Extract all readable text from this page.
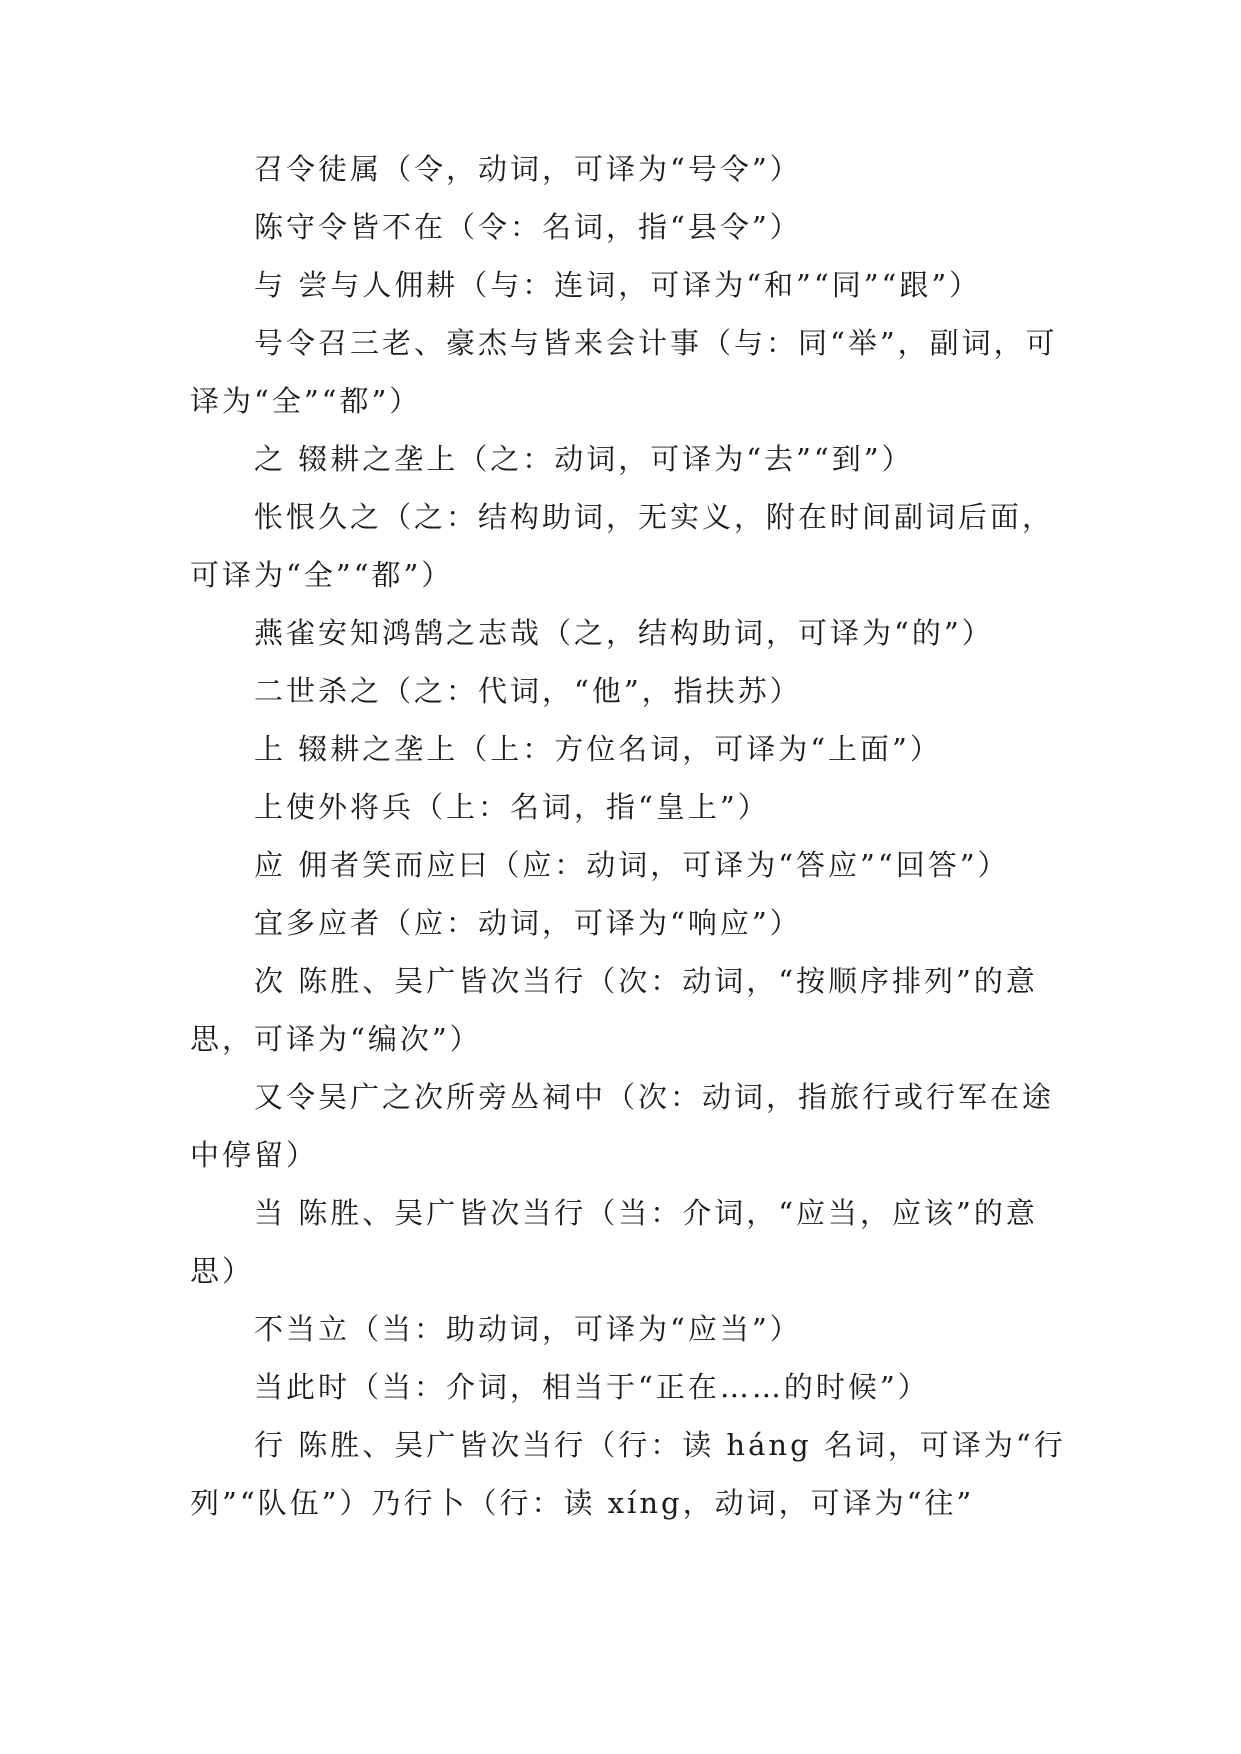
召令徒属（令，动词，可译为“号令”）

陈守令皆不在（令：名词，指“县令”）

与 尝与人佣耕（与：连词，可译为“和”“同”“跟”）

号令召三老、豪杰与皆来会计事（与：同“举”，副词，可译为“全”“都”）

之 辍耕之垄上（之：动词，可译为“去”“到”）

怅恨久之（之：结构助词，无实义，附在时间副词后面，可译为“全”“都”）

燕雀安知鸿鹄之志哉（之，结构助词，可译为“的”）

二世杀之（之：代词，“他”，指扶苏）

上 辍耕之垄上（上：方位名词，可译为“上面”）

上使外将兵（上：名词，指“皇上”）

应 佣者笑而应曰（应：动词，可译为“答应”“回答”）

宜多应者（应：动词，可译为“响应”）

次 陈胜、吴广皆次当行（次：动词，“按顺序排列”的意思，可译为“编次”）

又令吴广之次所旁丛祠中（次：动词，指旅行或行军在途中停留）

当 陈胜、吴广皆次当行（当：介词，“应当，应该”的意思）

不当立（当：助动词，可译为“应当”）

当此时（当：介词，相当于“正在……的时候”）

行 陈胜、吴广皆次当行（行：读 háng 名词，可译为“行列”“队伍”）乃行卜（行：读 xíng，动词，可译为“往”
